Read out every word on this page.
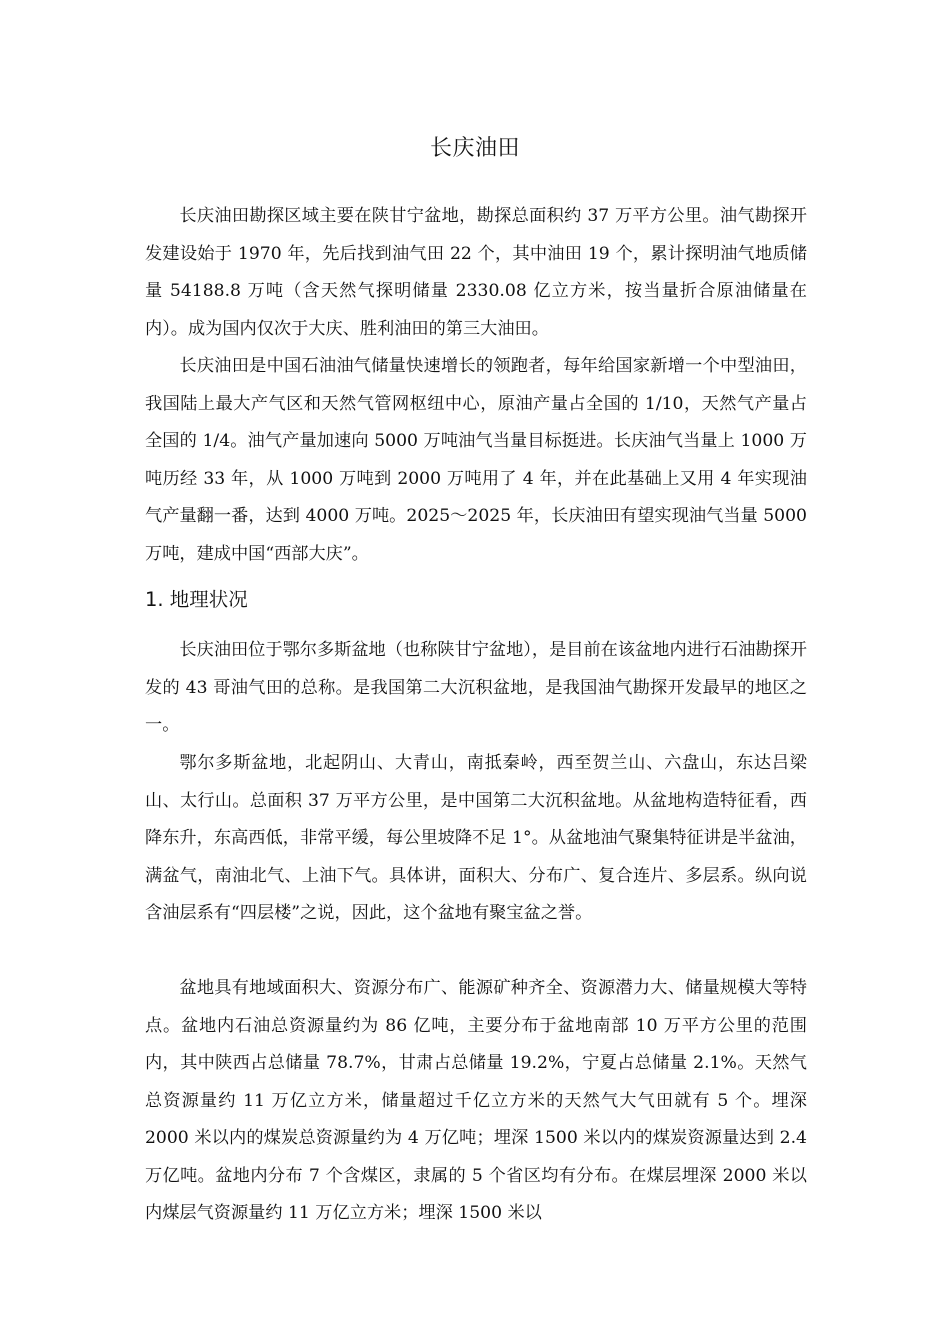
长庆油田

长庆油田勘探区域主要在陕甘宁盆地，勘探总面积约 37 万平方公里。油气勘探开发建设始于 1970 年，先后找到油气田 22 个，其中油田 19 个，累计探明油气地质储量 54188.8 万吨（含天然气探明储量 2330.08 亿立方米，按当量折合原油储量在内）。成为国内仅次于大庆、胜利油田的第三大油田。

长庆油田是中国石油油气储量快速增长的领跑者，每年给国家新增一个中型油田，我国陆上最大产气区和天然气管网枢纽中心，原油产量占全国的 1/10，天然气产量占全国的 1/4。油气产量加速向 5000 万吨油气当量目标挺进。长庆油气当量上 1000 万吨历经 33 年，从 1000 万吨到 2000 万吨用了 4 年，并在此基础上又用 4 年实现油气产量翻一番，达到 4000 万吨。2025～2025 年，长庆油田有望实现油气当量 5000 万吨，建成中国“西部大庆”。

1. 地理状况

长庆油田位于鄂尔多斯盆地（也称陕甘宁盆地），是目前在该盆地内进行石油勘探开发的 43 哥油气田的总称。是我国第二大沉积盆地，是我国油气勘探开发最早的地区之一。

鄂尔多斯盆地，北起阴山、大青山，南抵秦岭，西至贺兰山、六盘山，东达吕梁山、太行山。总面积 37 万平方公里，是中国第二大沉积盆地。从盆地构造特征看，西降东升，东高西低，非常平缓，每公里坡降不足 1°。从盆地油气聚集特征讲是半盆油，满盆气，南油北气、上油下气。具体讲，面积大、分布广、复合连片、多层系。纵向说含油层系有“四层楼”之说，因此，这个盆地有聚宝盆之誉。

盆地具有地域面积大、资源分布广、能源矿种齐全、资源潜力大、储量规模大等特点。盆地内石油总资源量约为 86 亿吨，主要分布于盆地南部 10 万平方公里的范围内，其中陕西占总储量 78.7%，甘肃占总储量 19.2%，宁夏占总储量 2.1%。天然气总资源量约 11 万亿立方米，储量超过千亿立方米的天然气大气田就有 5 个。埋深 2000 米以内的煤炭总资源量约为 4 万亿吨；埋深 1500 米以内的煤炭资源量达到 2.4 万亿吨。盆地内分布 7 个含煤区，隶属的 5 个省区均有分布。在煤层埋深 2000 米以内煤层气资源量约 11 万亿立方米；埋深 1500 米以
